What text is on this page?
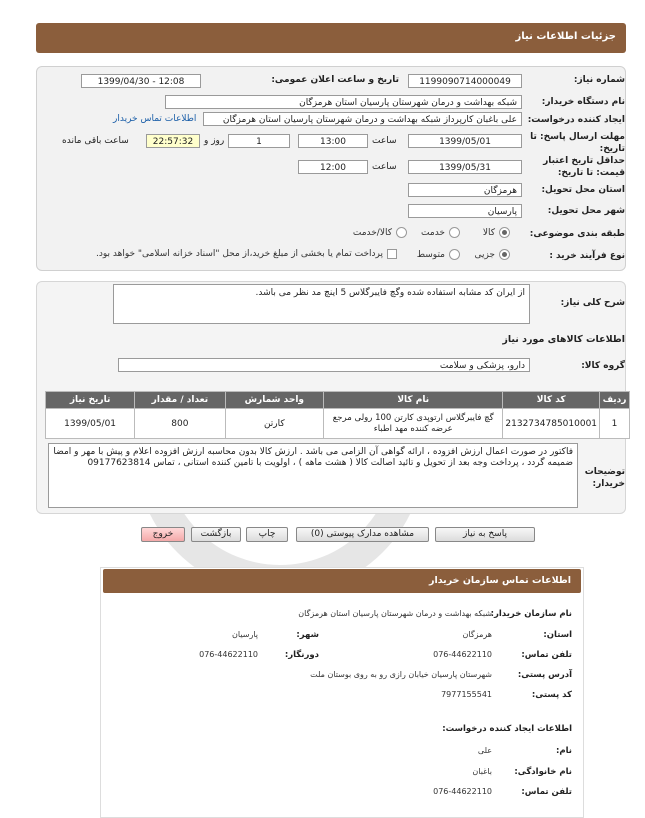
جزئیات اطلاعات نیاز
شماره نیاز:
1199090714000049
تاریخ و ساعت اعلان عمومی:
1399/04/30 - 12:08
نام دستگاه خریدار:
شبکه بهداشت و درمان شهرستان پارسیان استان هرمزگان
ایجاد کننده درخواست:
علی باغبان کارپرداز شبکه بهداشت و درمان شهرستان پارسیان استان هرمزگان
اطلاعات تماس خریدار
مهلت ارسال پاسخ: تا تاریخ:
1399/05/01
ساعت
13:00
1
روز و
22:57:32
ساعت باقی مانده
حداقل تاریخ اعتبار قیمت: تا تاریخ:
1399/05/31
ساعت
12:00
استان محل تحویل:
هرمزگان
شهر محل تحویل:
پارسیان
طبقه بندی موضوعی:
کالا
خدمت
کالا/خدمت
نوع فرآیند خرید :
جزیی
متوسط
پرداخت تمام یا بخشی از مبلغ خرید،از محل "اسناد خزانه اسلامی" خواهد بود.
شرح کلی نیاز:
از ایران کد مشابه استفاده شده وگچ فایبرگلاس 5 اینچ مد نظر می باشد.
اطلاعات کالاهای مورد نیاز
گروه کالا:
دارو، پزشکی و سلامت
ردیف	کد کالا	نام کالا	واحد شمارش	تعداد / مقدار	تاریخ نیاز
1	2132734785010001	گچ فایبرگلاس ارتوپدی کارتن 100 رولی مرجع عرضه کننده مهد اطباء	کارتن	800	1399/05/01
توضیحات خریدار:
فاکتور در صورت اعمال ارزش افزوده ، ارائه گواهی آن الزامی می باشد . ارزش کالا بدون محاسبه ارزش افزوده اعلام و پیش با مهر و امضا ضمیمه گردد ، پرداخت وجه بعد از تحویل و تائید اصالت کالا ( هشت ماهه ) ، اولویت با تامین کننده استانی ، تماس 09177623814
پاسخ به نیاز
مشاهده مدارک پیوستی (0)
چاپ
بازگشت
خروج
اطلاعات تماس سازمان خریدار
نام سازمان خریدار:
شبکه بهداشت و درمان شهرستان پارسیان استان هرمزگان
استان:
هرمزگان
شهر:
پارسیان
تلفن تماس:
076-44622110
دورنگار:
076-44622110
آدرس پستی:
شهرستان پارسیان خیابان رازی رو به روی بوستان ملت
کد پستی:
7977155541
اطلاعات ایجاد کننده درخواست:
نام:
علی
نام خانوادگی:
باغبان
تلفن تماس:
076-44622110
